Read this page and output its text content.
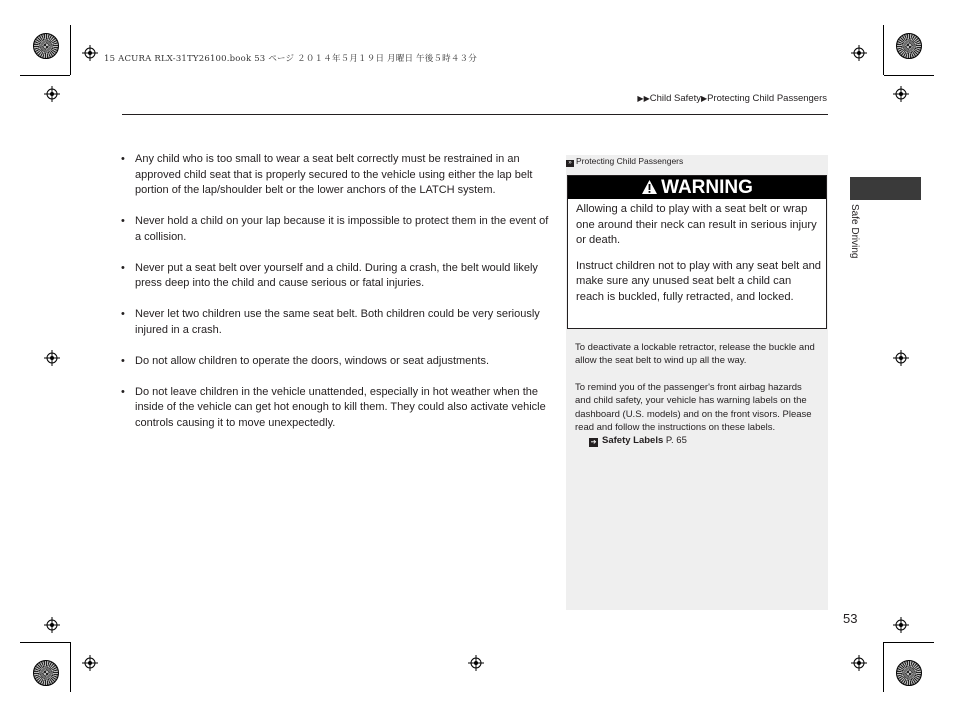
15 ACURA RLX-31TY26100.book 53 ページ ２０１４年５月１９日 月曜日 午後５時４３分
▶▶Child Safety▶Protecting Child Passengers
• Any child who is too small to wear a seat belt correctly must be restrained in an approved child seat that is properly secured to the vehicle using either the lap belt portion of the lap/shoulder belt or the lower anchors of the LATCH system.
• Never hold a child on your lap because it is impossible to protect them in the event of a collision.
• Never put a seat belt over yourself and a child. During a crash, the belt would likely press deep into the child and cause serious or fatal injuries.
• Never let two children use the same seat belt. Both children could be very seriously injured in a crash.
• Do not allow children to operate the doors, windows or seat adjustments.
• Do not leave children in the vehicle unattended, especially in hot weather when the inside of the vehicle can get hot enough to kill them. They could also activate vehicle controls causing it to move unexpectedly.
» Protecting Child Passengers
WARNING

Allowing a child to play with a seat belt or wrap one around their neck can result in serious injury or death.

Instruct children not to play with any seat belt and make sure any unused seat belt a child can reach is buckled, fully retracted, and locked.

To deactivate a lockable retractor, release the buckle and allow the seat belt to wind up all the way.

To remind you of the passenger's front airbag hazards and child safety, your vehicle has warning labels on the dashboard (U.S. models) and on the front visors. Please read and follow the instructions on these labels.

➔ Safety Labels P. 65
Safe Driving
53
